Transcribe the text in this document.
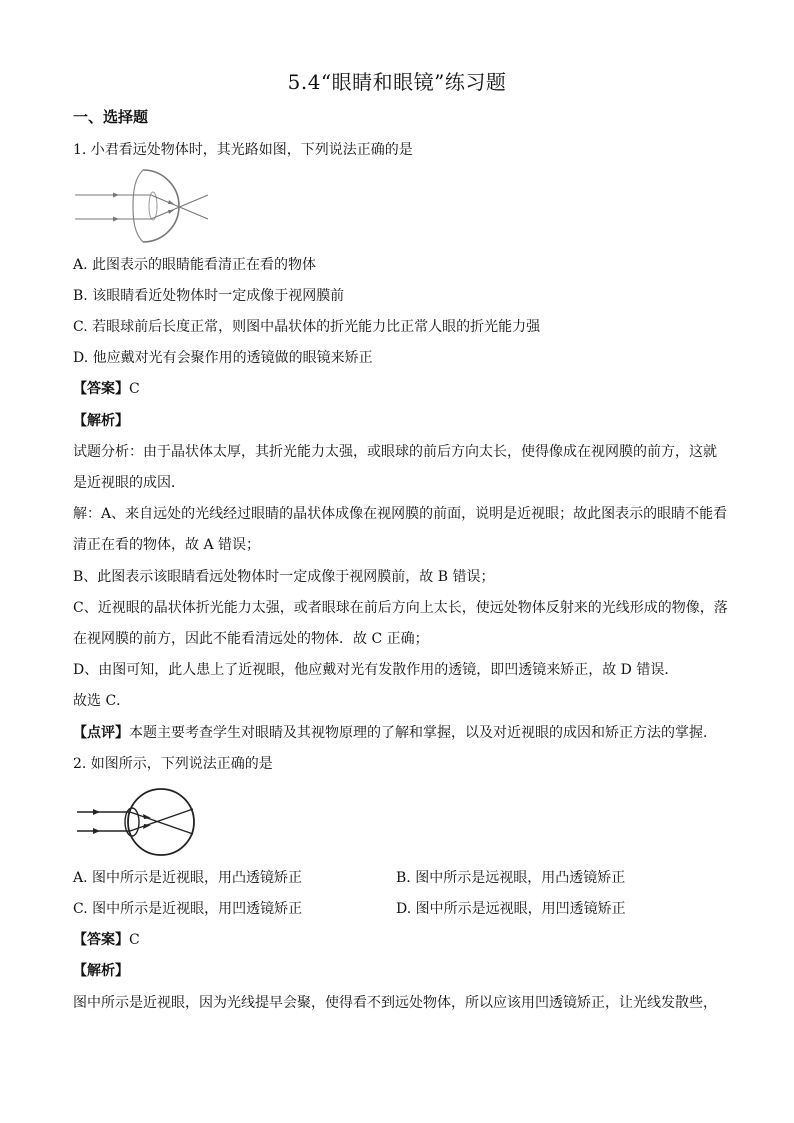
5.4“眼睛和眼镜”练习题
一、选择题
1. 小君看远处物体时，其光路如图，下列说法正确的是
A. 此图表示的眼睛能看清正在看的物体
B. 该眼睛看近处物体时一定成像于视网膜前
C. 若眼球前后长度正常，则图中晶状体的折光能力比正常人眼的折光能力强
D. 他应戴对光有会聚作用的透镜做的眼镜来矫正
【答案】C
【解析】
试题分析：由于晶状体太厚，其折光能力太强，或眼球的前后方向太长，使得像成在视网膜的前方，这就
是近视眼的成因．
解：A、来自远处的光线经过眼睛的晶状体成像在视网膜的前面，说明是近视眼；故此图表示的眼睛不能看
清正在看的物体，故 A 错误；
B、此图表示该眼睛看远处物体时一定成像于视网膜前，故 B 错误；
C、近视眼的晶状体折光能力太强，或者眼球在前后方向上太长，使远处物体反射来的光线形成的物像，落
在视网膜的前方，因此不能看清远处的物体．故 C 正确；
D、由图可知，此人患上了近视眼，他应戴对光有发散作用的透镜，即凹透镜来矫正，故 D 错误．
故选 C．
【点评】本题主要考查学生对眼睛及其视物原理的了解和掌握，以及对近视眼的成因和矫正方法的掌握．
2. 如图所示，下列说法正确的是
A. 图中所示是近视眼，用凸透镜矫正	B. 图中所示是远视眼，用凸透镜矫正
C. 图中所示是近视眼，用凹透镜矫正	D. 图中所示是远视眼，用凹透镜矫正
【答案】C
【解析】
图中所示是近视眼，因为光线提早会聚，使得看不到远处物体，所以应该用凹透镜矫正，让光线发散些，
